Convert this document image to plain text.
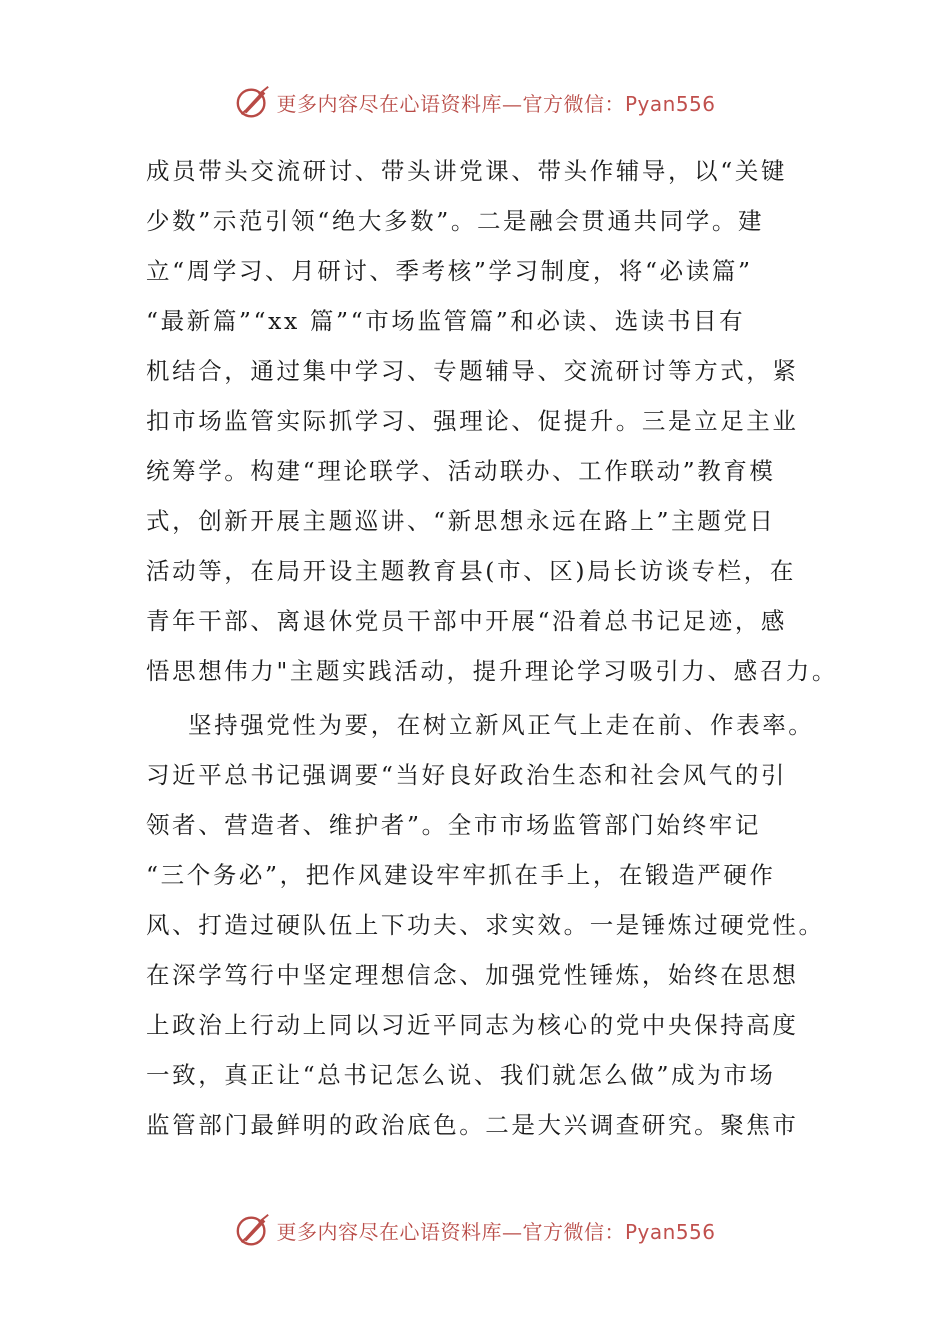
更多内容尽在心语资料库—官方微信：Pyan556
成员带头交流研讨、带头讲党课、带头作辅导，以“关键
少数”示范引领“绝大多数”。二是融会贯通共同学。建
立“周学习、月研讨、季考核”学习制度，将“必读篇”
“最新篇”“xx 篇”“市场监管篇”和必读、选读书目有
机结合，通过集中学习、专题辅导、交流研讨等方式，紧
扣市场监管实际抓学习、强理论、促提升。三是立足主业
统筹学。构建“理论联学、活动联办、工作联动”教育模
式，创新开展主题巡讲、“新思想永远在路上”主题党日
活动等，在局开设主题教育县(市、区)局长访谈专栏，在
青年干部、离退休党员干部中开展“沿着总书记足迹，感
悟思想伟力"主题实践活动，提升理论学习吸引力、感召力。
坚持强党性为要，在树立新风正气上走在前、作表率。
习近平总书记强调要“当好良好政治生态和社会风气的引
领者、营造者、维护者”。全市市场监管部门始终牢记
“三个务必”，把作风建设牢牢抓在手上，在锻造严硬作
风、打造过硬队伍上下功夫、求实效。一是锤炼过硬党性。
在深学笃行中坚定理想信念、加强党性锤炼，始终在思想
上政治上行动上同以习近平同志为核心的党中央保持高度
一致，真正让“总书记怎么说、我们就怎么做”成为市场
监管部门最鲜明的政治底色。二是大兴调查研究。聚焦市
更多内容尽在心语资料库—官方微信：Pyan556
